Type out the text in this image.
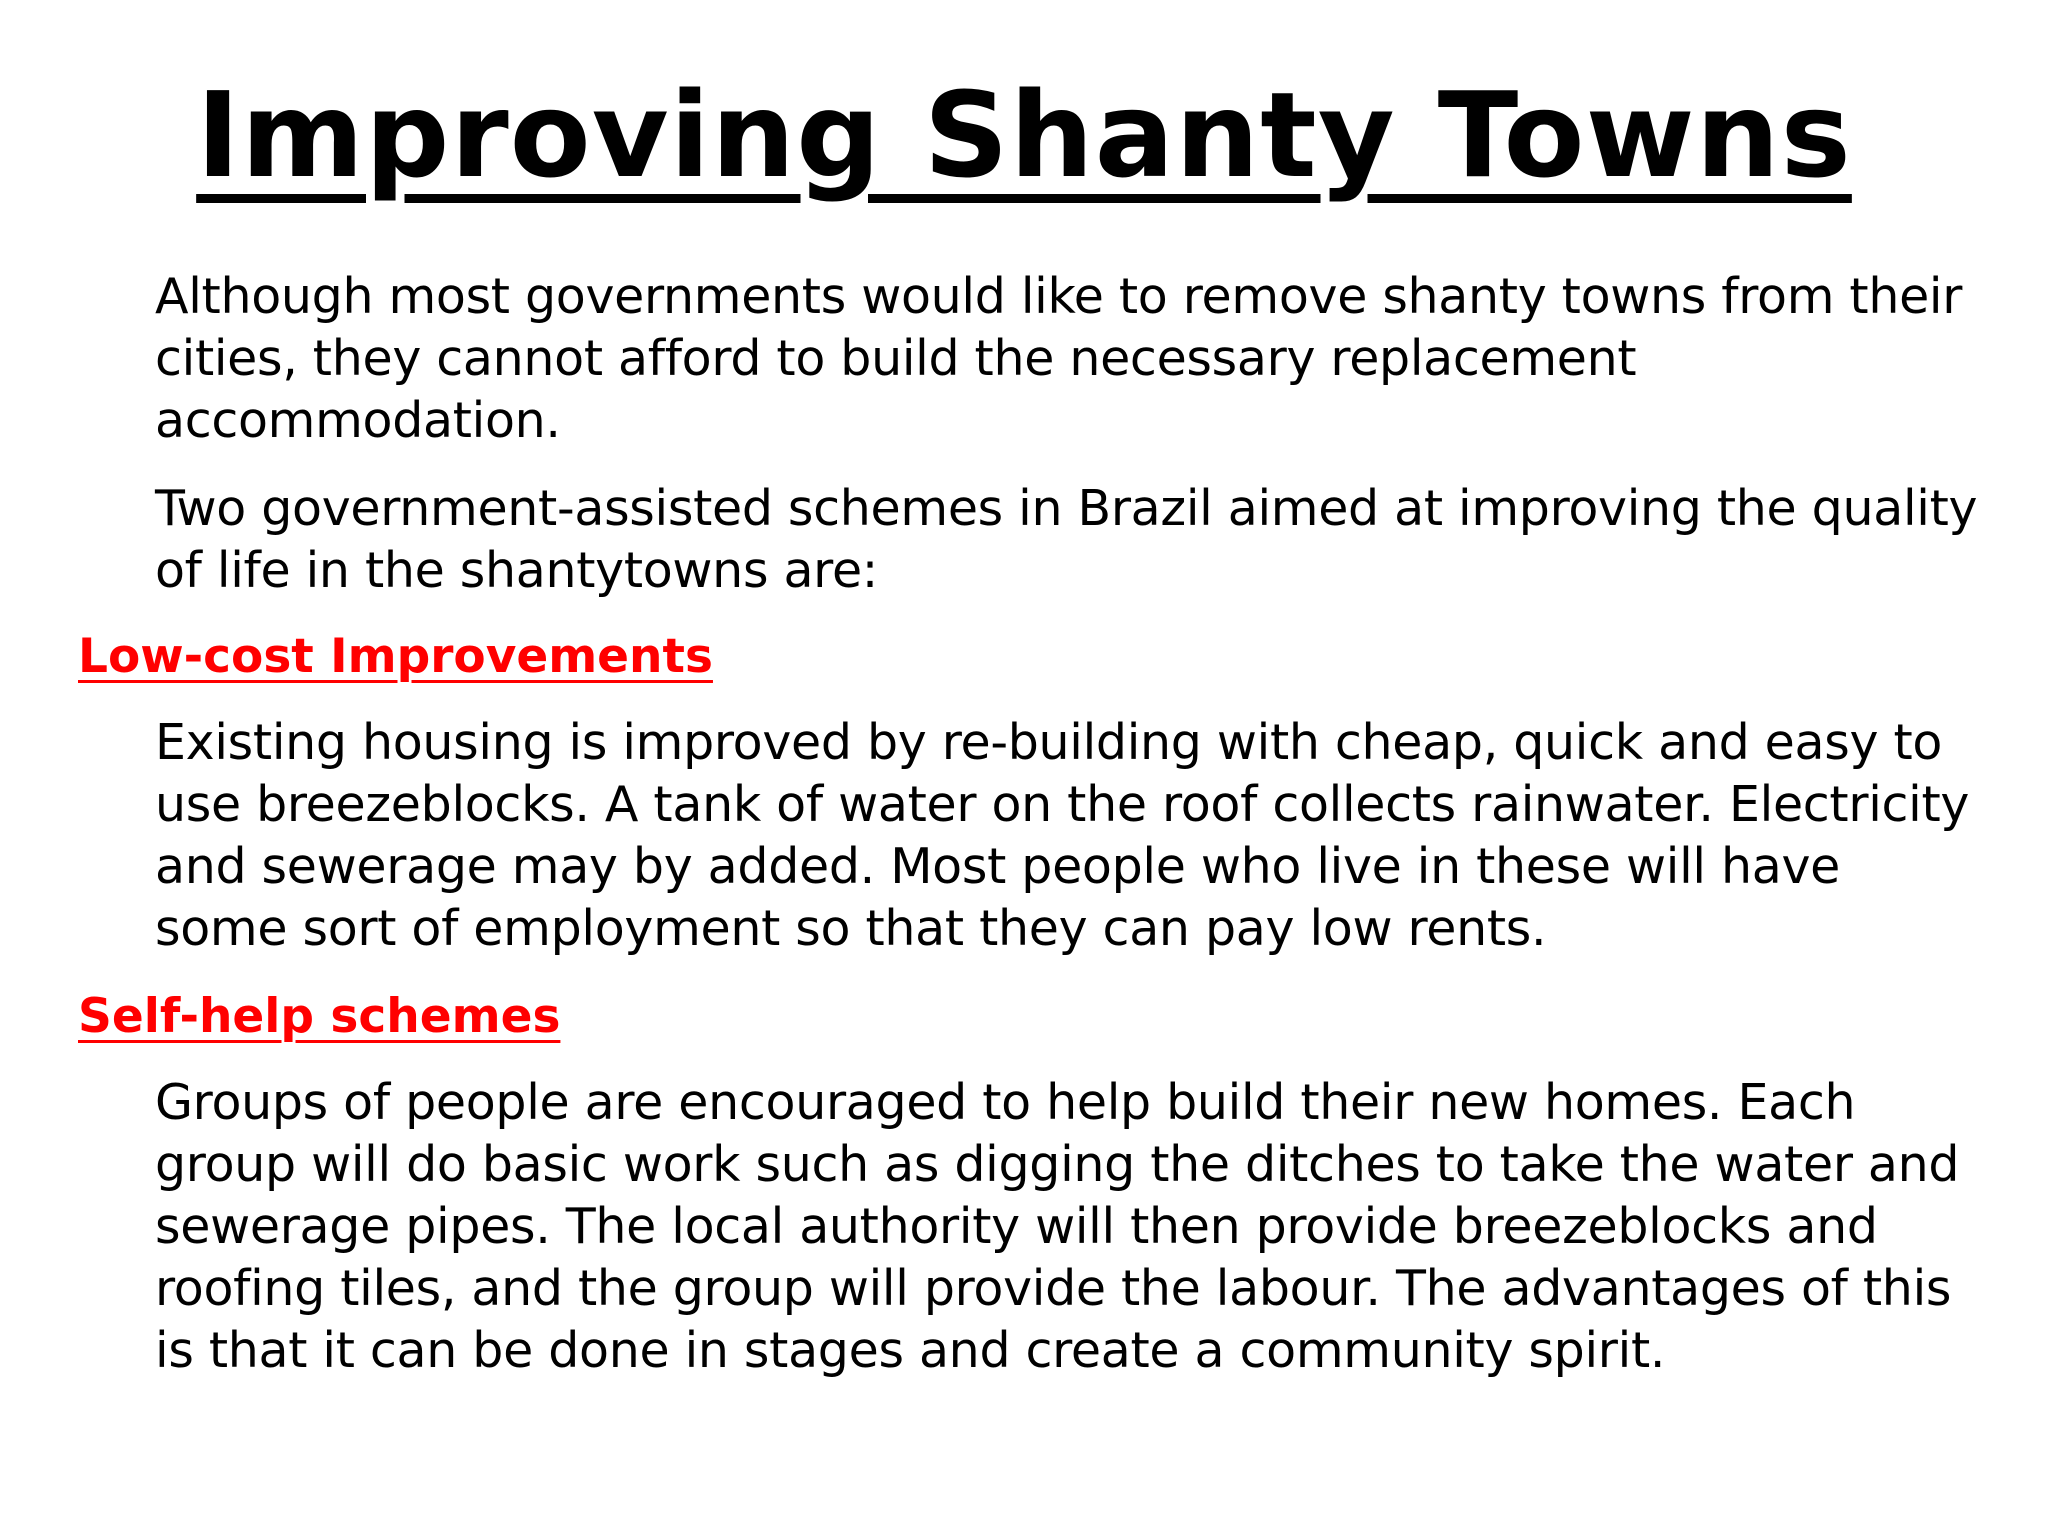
Improving Shanty Towns

Although most governments would like to remove shanty towns from their cities, they cannot afford to build the necessary replacement accommodation.

Two government-assisted schemes in Brazil aimed at improving the quality of life in the shantytowns are:

Low-cost Improvements

Existing housing is improved by re-building with cheap, quick and easy to use breezeblocks. A tank of water on the roof collects rainwater. Electricity and sewerage may by added. Most people who live in these will have some sort of employment so that they can pay low rents.

Self-help schemes

Groups of people are encouraged to help build their new homes. Each group will do basic work such as digging the ditches to take the water and sewerage pipes. The local authority will then provide breezeblocks and roofing tiles, and the group will provide the labour. The advantages of this is that it can be done in stages and create a community spirit.
